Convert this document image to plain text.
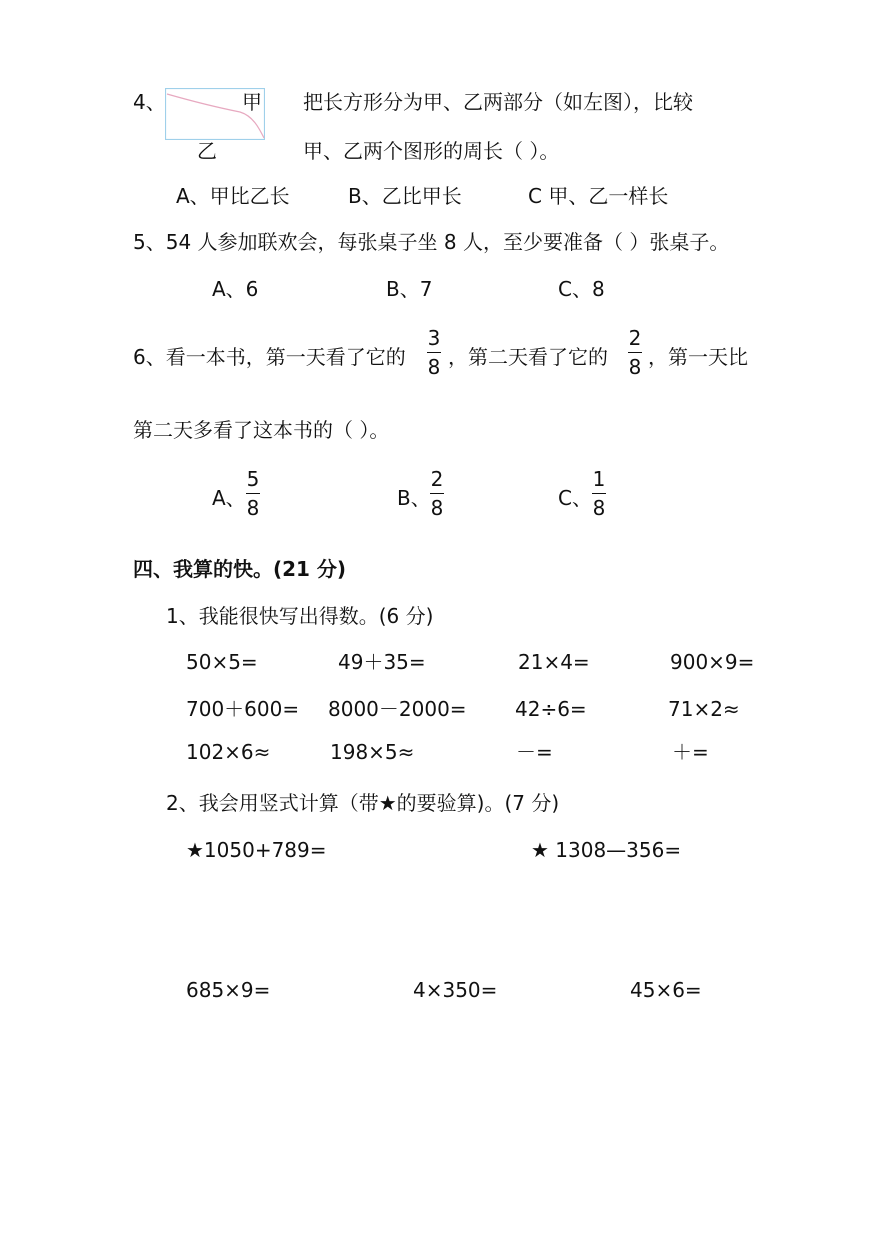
4、	甲
乙
把长方形分为甲、乙两部分（如左图），比较
甲、乙两个图形的周长（ ）。
A、甲比乙长	B、乙比甲长	C 甲、乙一样长
5、54 人参加联欢会，每张桌子坐 8 人，至少要准备（ ）张桌子。
A、6	B、7	C、8
6、看一本书，第一天看了它的
3
8 ，第二天看了它的
2
8 ，第一天比
第二天多看了这本书的（ ）。
A、
5
8	B、
2
8	C、
1
8
四、我算的快。(21 分)
1、我能很快写出得数。(6 分)
50×5=	49＋35=	21×4=	900×9=
700＋600= 8000－2000= 42÷6=	71×2≈
102×6≈	198×5≈	－=	＋=
2、我会用竖式计算（带★的要验算)。(7 分)
★1050+789=	★ 1308—356=
685×9=	4×350=	45×6=
